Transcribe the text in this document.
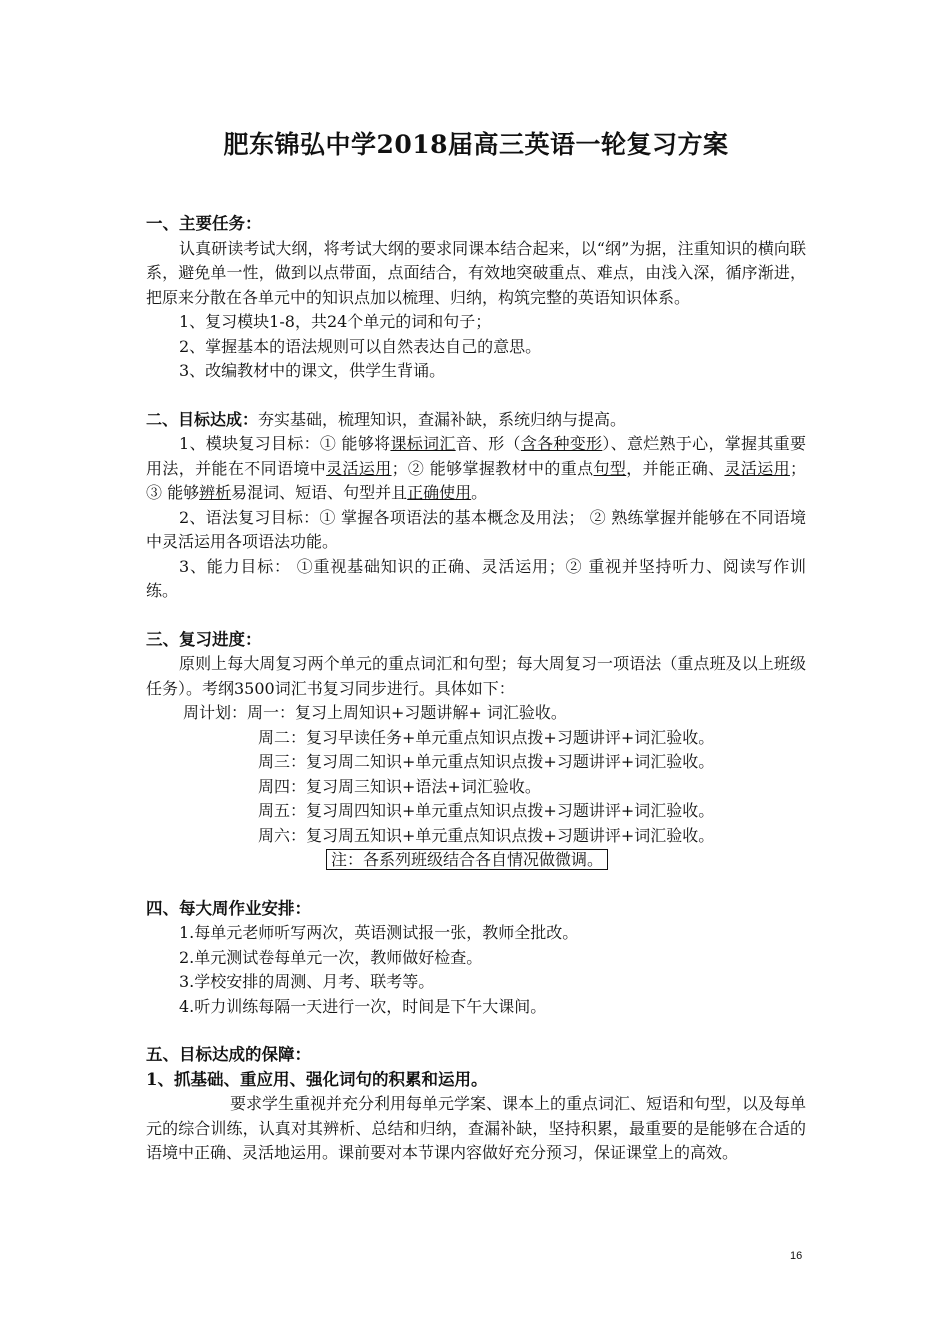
肥东锦弘中学2018届高三英语一轮复习方案

一、主要任务：

认真研读考试大纲，将考试大纲的要求同课本结合起来，以“纲”为据，注重知识的横向联系，避免单一性，做到以点带面，点面结合，有效地突破重点、难点，由浅入深，循序渐进，把原来分散在各单元中的知识点加以梳理、归纳，构筑完整的英语知识体系。

1、复习模块1-8，共24个单元的词和句子；

2、掌握基本的语法规则可以自然表达自己的意思。

3、改编教材中的课文，供学生背诵。

二、目标达成：夯实基础，梳理知识，查漏补缺，系统归纳与提高。

1、模块复习目标：① 能够将课标词汇音、形（含各种变形）、意烂熟于心，掌握其重要用法，并能在不同语境中灵活运用；② 能够掌握教材中的重点句型，并能正确、灵活运用； ③ 能够辨析易混词、短语、句型并且正确使用。

2、语法复习目标：① 掌握各项语法的基本概念及用法； ② 熟练掌握并能够在不同语境中灵活运用各项语法功能。

3、能力目标： ①重视基础知识的正确、灵活运用；② 重视并坚持听力、阅读写作训练。

三、复习进度：

原则上每大周复习两个单元的重点词汇和句型；每大周复习一项语法（重点班及以上班级任务）。考纲3500词汇书复习同步进行。具体如下：

周计划：周一：复习上周知识+习题讲解+ 词汇验收。

周二：复习早读任务+单元重点知识点拨+习题讲评+词汇验收。

周三：复习周二知识+单元重点知识点拨+习题讲评+词汇验收。

周四：复习周三知识+语法+词汇验收。

周五：复习周四知识+单元重点知识点拨+习题讲评+词汇验收。

周六：复习周五知识+单元重点知识点拨+习题讲评+词汇验收。

注：各系列班级结合各自情况做微调。

四、每大周作业安排：

1.每单元老师听写两次，英语测试报一张，教师全批改。

2.单元测试卷每单元一次，教师做好检查。

3.学校安排的周测、月考、联考等。

4.听力训练每隔一天进行一次，时间是下午大课间。

五、目标达成的保障：

1、抓基础、重应用、强化词句的积累和运用。

要求学生重视并充分利用每单元学案、课本上的重点词汇、短语和句型，以及每单元的综合训练，认真对其辨析、总结和归纳，查漏补缺，坚持积累，最重要的是能够在合适的语境中正确、灵活地运用。课前要对本节课内容做好充分预习，保证课堂上的高效。

16
